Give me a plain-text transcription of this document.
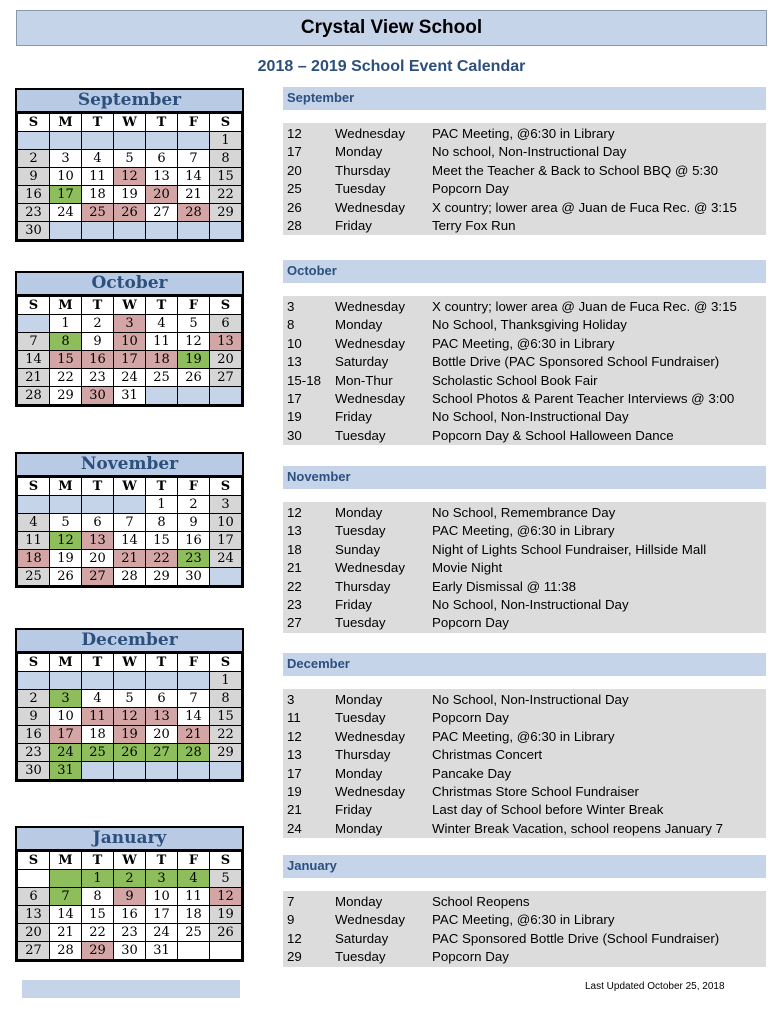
Crystal View School
2018 – 2019 School Event Calendar
September
S	M	T	W	T	F	S
						1
2	3	4	5	6	7	8
9	10	11	12	13	14	15
16	17	18	19	20	21	22
23	24	25	26	27	28	29
30						
October
S	M	T	W	T	F	S
	1	2	3	4	5	6
7	8	9	10	11	12	13
14	15	16	17	18	19	20
21	22	23	24	25	26	27
28	29	30	31			
November
S	M	T	W	T	F	S
				1	2	3
4	5	6	7	8	9	10
11	12	13	14	15	16	17
18	19	20	21	22	23	24
25	26	27	28	29	30	
December
S	M	T	W	T	F	S
						1
2	3	4	5	6	7	8
9	10	11	12	13	14	15
16	17	18	19	20	21	22
23	24	25	26	27	28	29
30	31					
January
S	M	T	W	T	F	S
		1	2	3	4	5
6	7	8	9	10	11	12
13	14	15	16	17	18	19
20	21	22	23	24	25	26
27	28	29	30	31		
September
12	Wednesday	PAC Meeting, @6:30 in Library
17	Monday	No school, Non-Instructional Day
20	Thursday	Meet the Teacher & Back to School BBQ @ 5:30
25	Tuesday	Popcorn Day
26	Wednesday	X country; lower area @ Juan de Fuca Rec. @ 3:15
28	Friday	Terry Fox Run
October
3	Wednesday	X country; lower area @ Juan de Fuca Rec. @ 3:15
8	Monday	No School, Thanksgiving Holiday
10	Wednesday	PAC Meeting, @6:30 in Library
13	Saturday	Bottle Drive (PAC Sponsored School Fundraiser)
15-18	Mon-Thur	Scholastic School Book Fair
17	Wednesday	School Photos & Parent Teacher Interviews @ 3:00
19	Friday	No School, Non-Instructional Day
30	Tuesday	Popcorn Day & School Halloween Dance
November
12	Monday	No School, Remembrance Day
13	Tuesday	PAC Meeting, @6:30 in Library
18	Sunday	Night of Lights School Fundraiser, Hillside Mall
21	Wednesday	Movie Night
22	Thursday	Early Dismissal @ 11:38
23	Friday	No School, Non-Instructional Day
27	Tuesday	Popcorn Day
December
3	Monday	No School, Non-Instructional Day
11	Tuesday	Popcorn Day
12	Wednesday	PAC Meeting, @6:30 in Library
13	Thursday	Christmas Concert
17	Monday	Pancake Day
19	Wednesday	Christmas Store School Fundraiser
21	Friday	Last day of School before Winter Break
24	Monday	Winter Break Vacation, school reopens January 7
January
7	Monday	School Reopens
9	Wednesday	PAC Meeting, @6:30 in Library
12	Saturday	PAC Sponsored Bottle Drive (School Fundraiser)
29	Tuesday	Popcorn Day
Last Updated October 25, 2018
